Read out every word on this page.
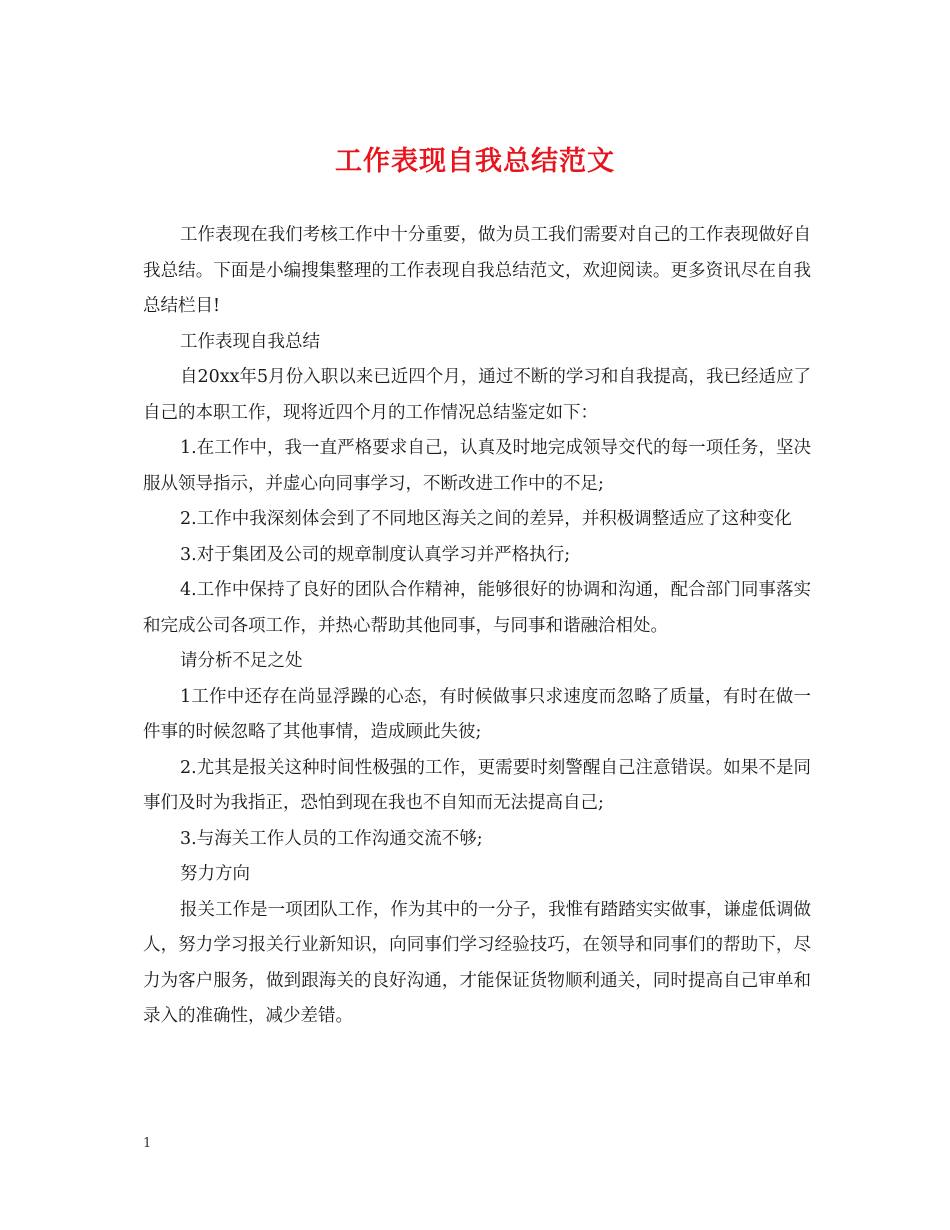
工作表现自我总结范文

工作表现在我们考核工作中十分重要，做为员工我们需要对自己的工作表现做好自我总结。下面是小编搜集整理的工作表现自我总结范文，欢迎阅读。更多资讯尽在自我总结栏目!

工作表现自我总结

自20xx年5月份入职以来已近四个月，通过不断的学习和自我提高，我已经适应了自己的本职工作，现将近四个月的工作情况总结鉴定如下：

1.在工作中，我一直严格要求自己，认真及时地完成领导交代的每一项任务，坚决服从领导指示，并虚心向同事学习，不断改进工作中的不足;

2.工作中我深刻体会到了不同地区海关之间的差异，并积极调整适应了这种变化

3.对于集团及公司的规章制度认真学习并严格执行;

4.工作中保持了良好的团队合作精神，能够很好的协调和沟通，配合部门同事落实和完成公司各项工作，并热心帮助其他同事，与同事和谐融洽相处。

请分析不足之处

1工作中还存在尚显浮躁的心态，有时候做事只求速度而忽略了质量，有时在做一件事的时候忽略了其他事情，造成顾此失彼;

2.尤其是报关这种时间性极强的工作，更需要时刻警醒自己注意错误。如果不是同事们及时为我指正，恐怕到现在我也不自知而无法提高自己;

3.与海关工作人员的工作沟通交流不够;

努力方向

报关工作是一项团队工作，作为其中的一分子，我惟有踏踏实实做事，谦虚低调做人，努力学习报关行业新知识，向同事们学习经验技巧，在领导和同事们的帮助下，尽力为客户服务，做到跟海关的良好沟通，才能保证货物顺利通关，同时提高自己审单和录入的准确性，减少差错。

1
